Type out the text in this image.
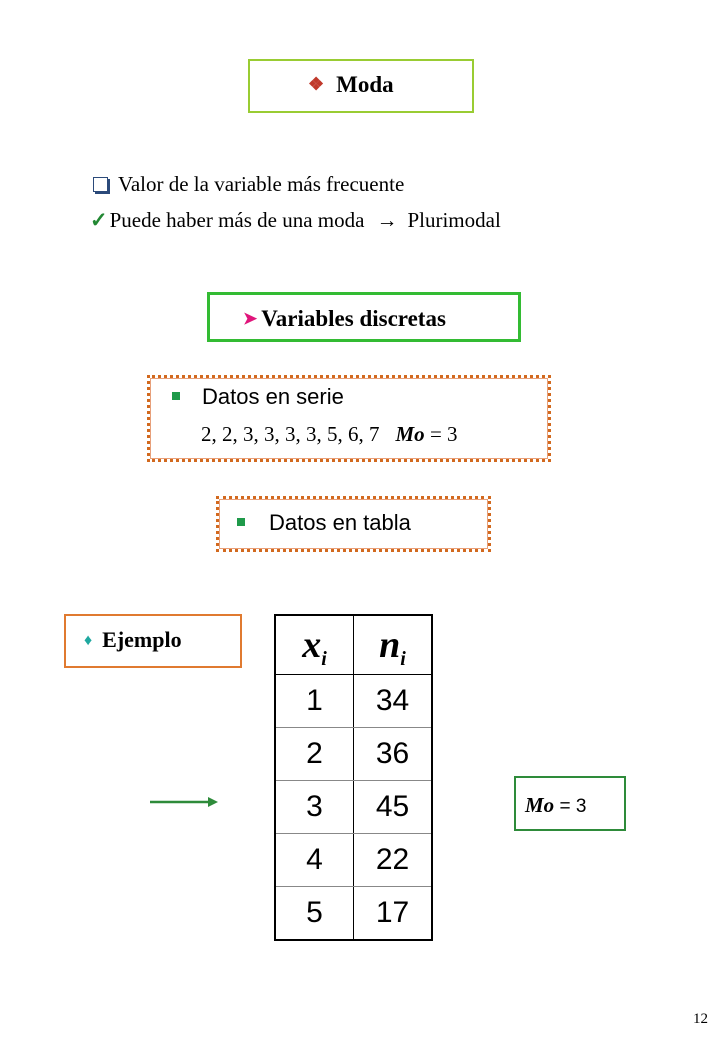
❖ Moda
Valor de la variable más frecuente
✓Puede haber más de una moda → Plurimodal
➤ Variables discretas
Datos en serie
2, 2, 3, 3, 3, 3, 5, 6, 7 Mo = 3
Datos en tabla
♦ Ejemplo	$x_i$	$n_i$
1	34
2	36
3	45
4	22
5	17
Mo = 3
12
